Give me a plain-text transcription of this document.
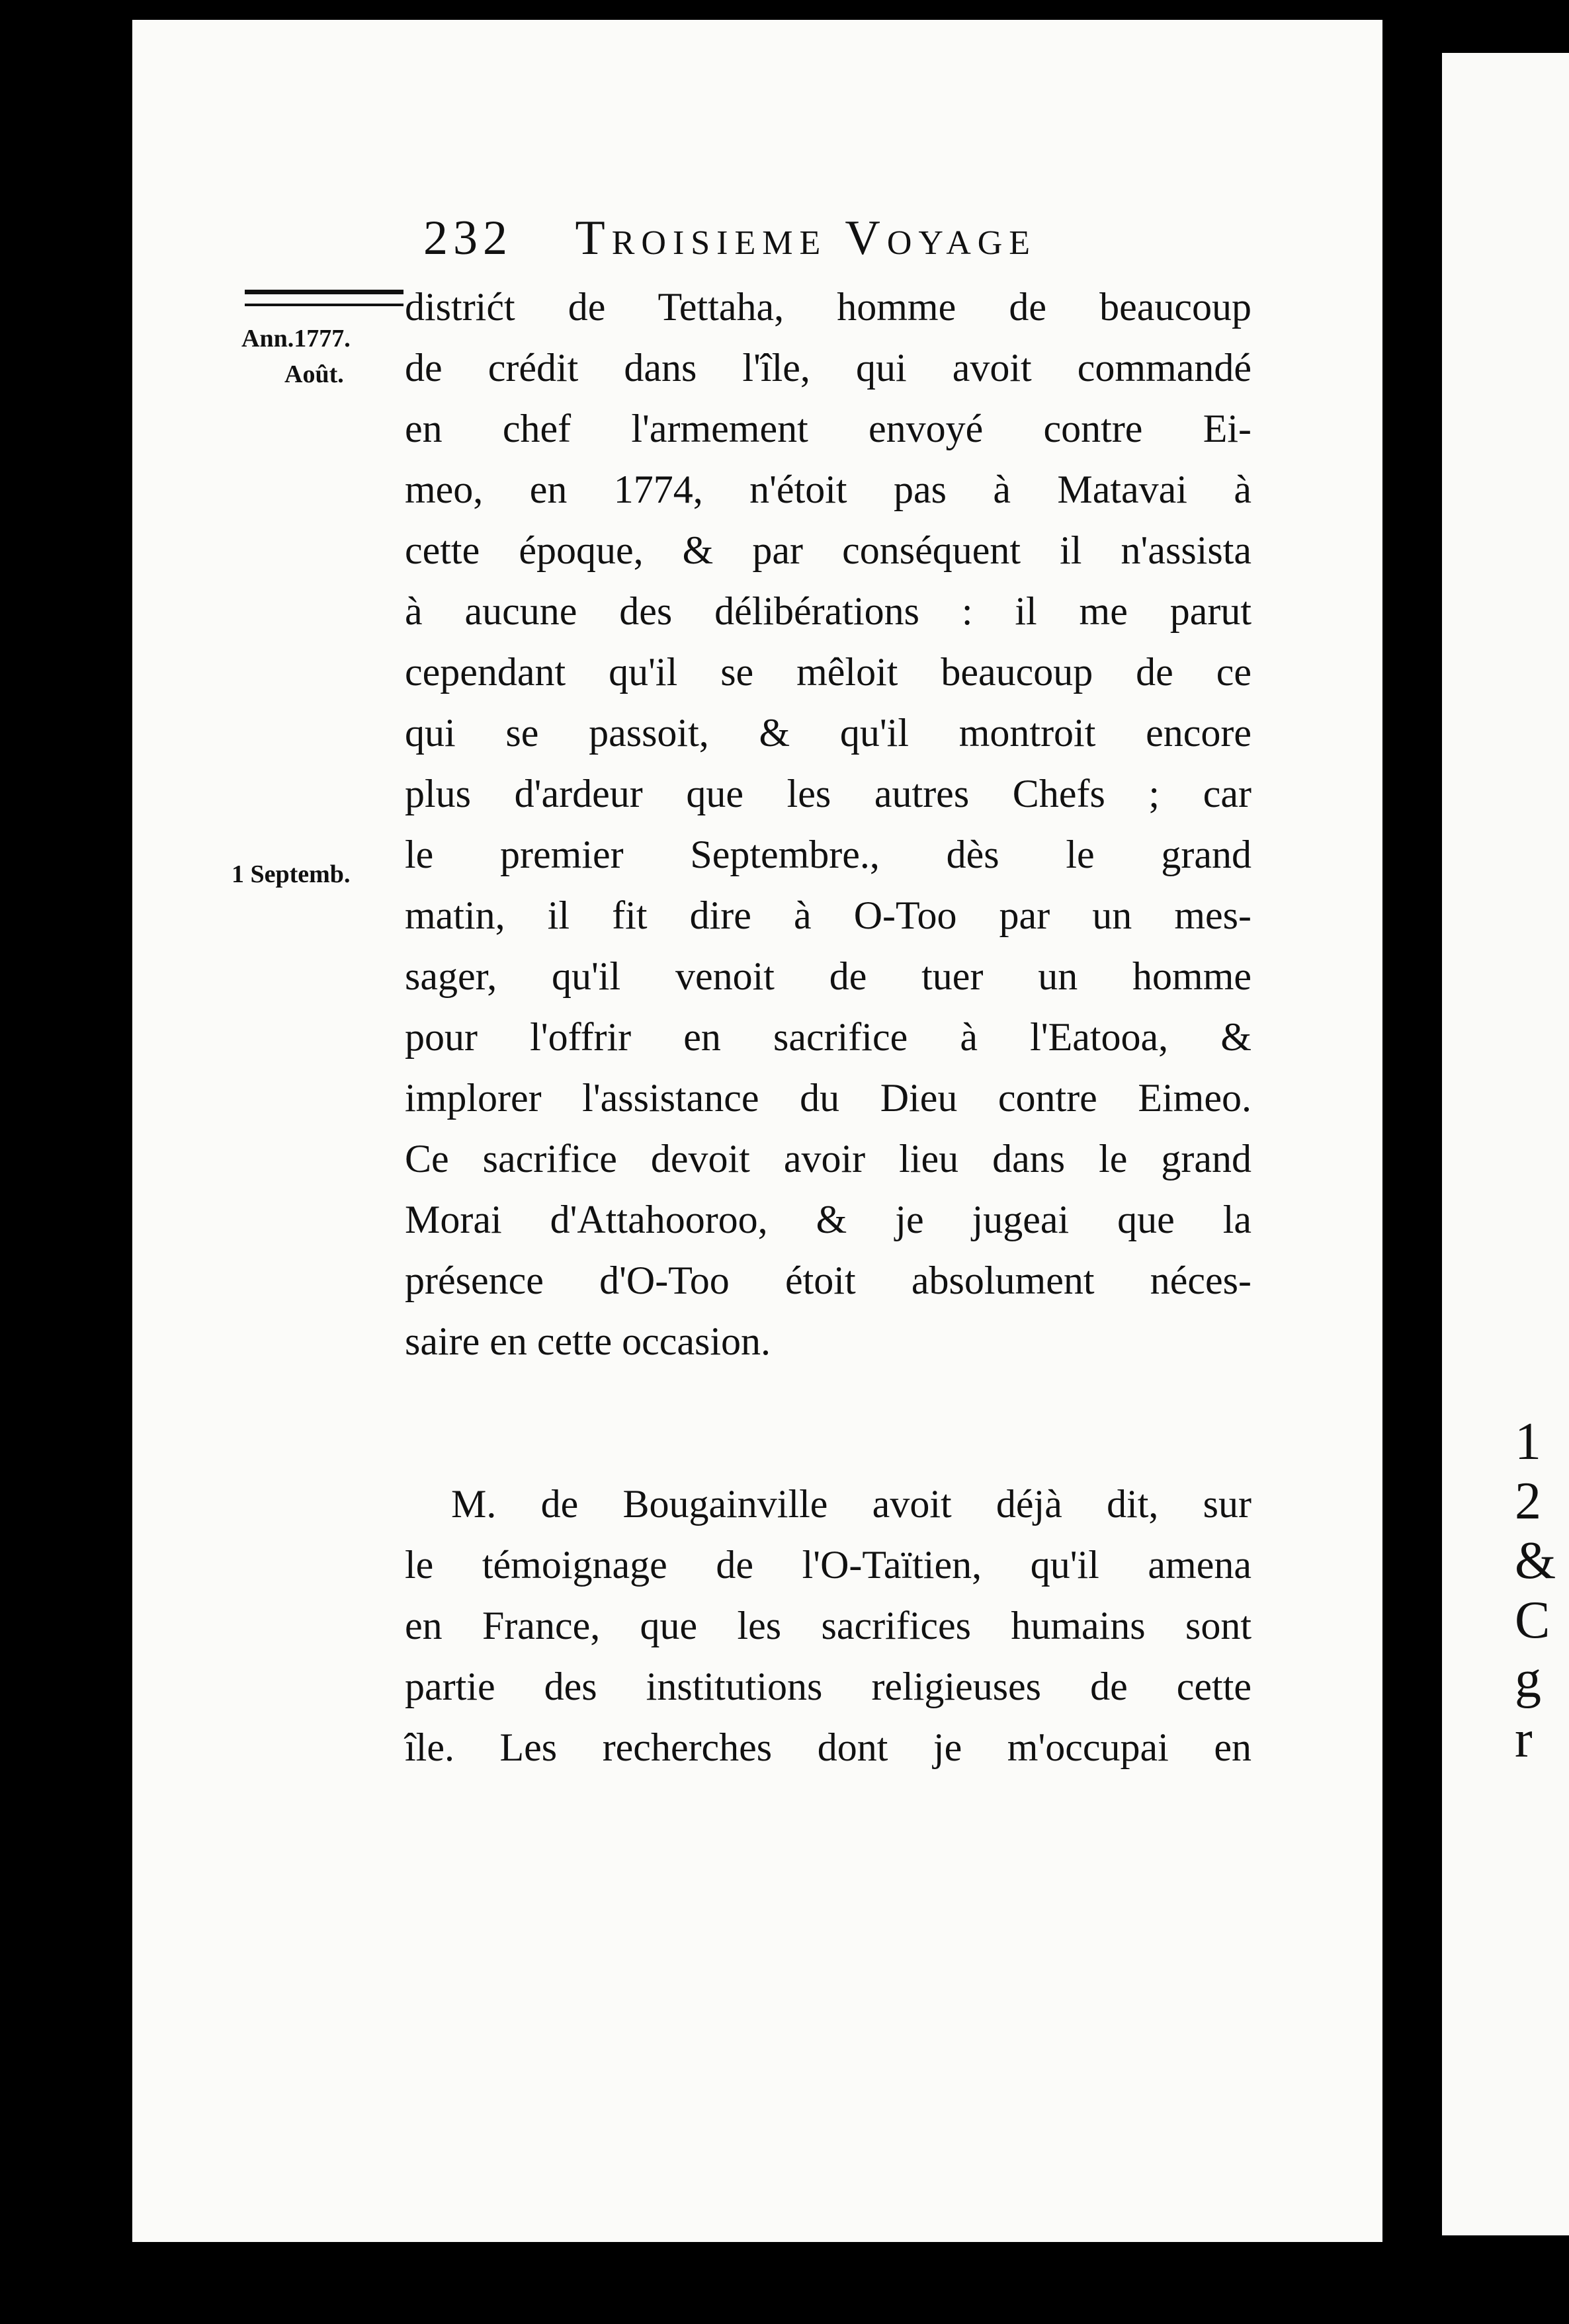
232 Troisieme Voyage
Ann.1777.
Août.
1 Septemb.
distrićt de Tettaha, homme de beaucoup
de crédit dans l'île, qui avoit commandé
en chef l'armement envoyé contre Ei-
meo, en 1774, n'étoit pas à Matavai à
cette époque, & par conséquent il n'assista
à aucune des délibérations : il me parut
cependant qu'il se mêloit beaucoup de ce
qui se passoit, & qu'il montroit encore
plus d'ardeur que les autres Chefs ; car
le premier Septembre., dès le grand
matin, il fit dire à O-Too par un mes-
sager, qu'il venoit de tuer un homme
pour l'offrir en sacrifice à l'Eatooa, &
implorer l'assistance du Dieu contre Eimeo.
Ce sacrifice devoit avoir lieu dans le grand
Morai d'Attahooroo, & je jugeai que la
présence d'O-Too étoit absolument néces-
saire en cette occasion.
M. de Bougainville avoit déjà dit, sur
le témoignage de l'O-Taïtien, qu'il amena
en France, que les sacrifices humains sont
partie des institutions religieuses de cette
île. Les recherches dont je m'occupai en
1
2
&
C
g
r
